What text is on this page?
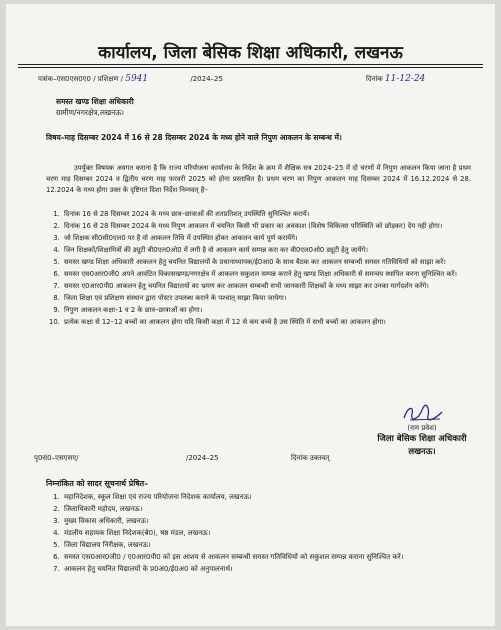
कार्यालय, जिला बेसिक शिक्षा अधिकारी, लखनऊ
पत्रांक–एस0एस0ए0 / प्रशिक्षण / 5941	/2024–25	दिनांक 11-12-24
समस्त खण्ड शिक्षा अधिकारी
ग्रामीण/नगरक्षेत्र,लखनऊ।
विषय–माह दिसम्बर 2024 में 16 से 28 दिसम्बर 2024 के मध्य होने वाले निपुण आकलन के सम्बन्ध में।
उपर्युक्त विषयक अवगत कराना है कि राज्य परियोजना कार्यालय के निर्देश के क्रम में शैक्षिक सत्र 2024–25 में दो चरणों में निपुण आकलन किया जाना है प्रथम चरण माह दिसम्बर 2024 व द्वितीय चरण माह फरवरी 2025 को होना प्रस्तावित है। प्रथम चरण का निपुण आकलन माह दिसम्बर 2024 में 16.12.2024 से 28. 12.2024 के मध्य होगा उक्त के दृष्टिगत दिशा निर्देश निम्नवत् है–
1. दिनांक 16 से 28 दिसम्बर 2024 के मध्य छात्र–छात्राओं की शतप्रतिशत् उपस्थिति सुनिश्चित करायें।
2. दिनांक 16 से 28 दिसम्बर 2024 के मध्य निपुण आकलन में चयनित किसी भी प्रकार का अवकाश (विशेष चिकित्सा परिस्थिति को छोड़कर) देय नही होगा।
3. जो शिक्षक सी0सी0एल0 पर है वो आकलन तिथि में उपस्थित होकर आकलन कार्य पूर्ण करायेंगे।
4. जिन शिक्षकों/शिक्षामित्रों की ड्यूटी बी0एल0ओ0 में लगी है वो आकलन कार्य सम्पन्न करा कर बी0एल0ओ0 ड्यूटी हेतु जायेंगे।
5. समस्त खण्ड शिक्षा अधिकारी आकलन हेतु चयनित विद्यालयों के प्रधानाध्यापक/ई0आ0 के साथ बैठक कर आकलन सम्बन्धी समस्त गतिविधियों को साझा करें।
6. समस्त एस0आर0जी0 अपने आवंटित विकासखण्ड/नगरक्षेत्र में आकलन सकुशल सम्पन्न कराने हेतु खण्ड शिक्षा अधिकारी से समन्वय स्थापित करना सुनिश्चित करें।
7. समस्त ए0आर0पी0 आकलन हेतु चयनित विद्यालयों का भ्रमण कर आकलन सम्बन्धी सभी जानकारी शिक्षकों के मध्य साझा कर उनका मार्गदर्शन करेंगे।
8. जिला शिक्षा एवं प्रशिक्षण संस्थान द्वारा पोस्टर उपलब्ध कराने के पश्चात् साझा किया जायेगा।
9. निपुण आकलन कक्षा–1 व 2 के छात्र–छात्राओं का होगा।
10. प्रत्येक कक्षा से 12–12 बच्चों का आकलन होगा यदि किसी कक्षा में 12 से कम बच्चे है उस स्थिति में सभी बच्चों का आकलन होगा।
(राम प्रवेश)
जिला बेसिक शिक्षा अधिकारी
लखनऊ।
पृ0सं0–एसएसए/	/2024–25	दिनांक उक्तवत्
निम्नांकित को सादर सूचनार्थ प्रेषित–
1. महानिदेशक, स्कूल शिक्षा एवं राज्य परियोजना निदेशक कार्यालय, लखनऊ।
2. जिलाधिकारी महोदय, लखनऊ।
3. मुख्य विकास अधिकारी, लखनऊ।
4. मंडलीय सहायक शिक्षा निदेशक(बे0), षष्ठ मंडल, लखनऊ।
5. जिला विद्यालय निरीक्षक, लखनऊ।
6. समस्त एस0आर0जी0 / ए0आर0पी0 को इस आशय से आकलन सम्बन्धी समस्त गतिविधियों को सकुशल सम्पन्न कराना सुनिश्चित करें।
7. आकलन हेतु चयनित विद्यालयों के प्र0अ0/ई0अ0 को अनुपालनार्थ।
